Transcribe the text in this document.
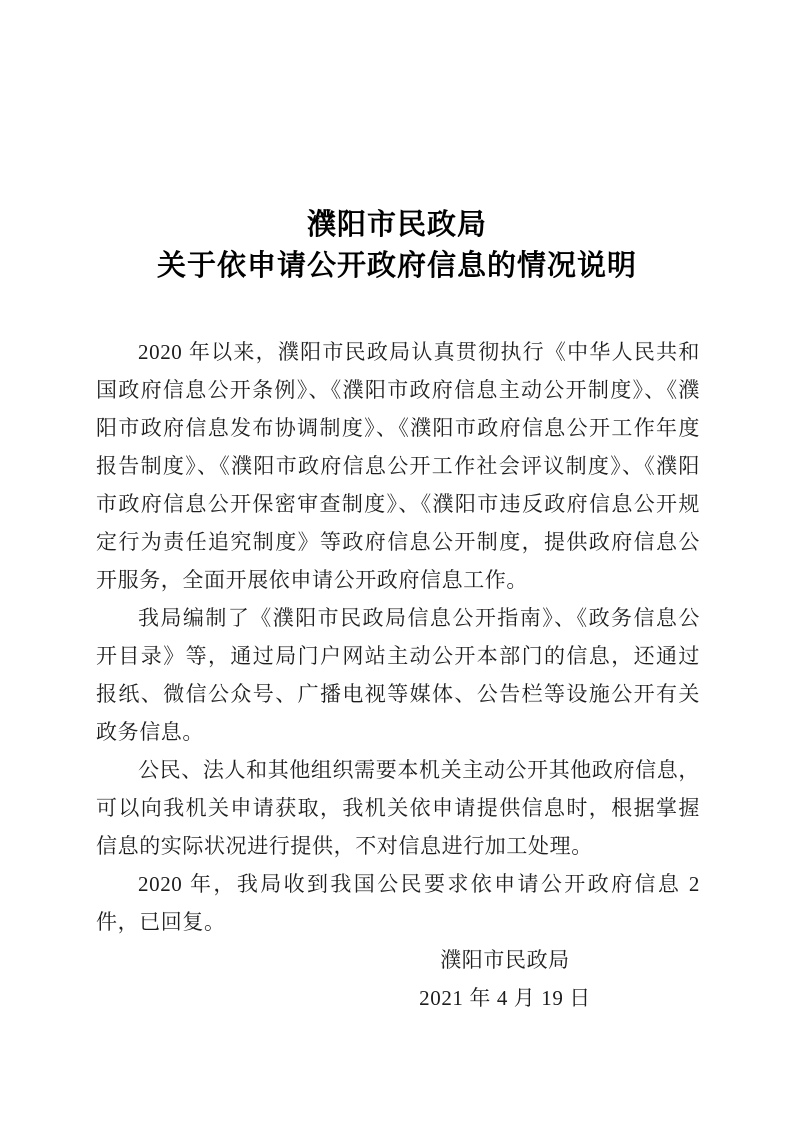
濮阳市民政局
关于依申请公开政府信息的情况说明

2020 年以来，濮阳市民政局认真贯彻执行《中华人民共和国政府信息公开条例》、《濮阳市政府信息主动公开制度》、《濮阳市政府信息发布协调制度》、《濮阳市政府信息公开工作年度报告制度》、《濮阳市政府信息公开工作社会评议制度》、《濮阳市政府信息公开保密审查制度》、《濮阳市违反政府信息公开规定行为责任追究制度》等政府信息公开制度，提供政府信息公开服务，全面开展依申请公开政府信息工作。

我局编制了《濮阳市民政局信息公开指南》、《政务信息公开目录》等，通过局门户网站主动公开本部门的信息，还通过报纸、微信公众号、广播电视等媒体、公告栏等设施公开有关政务信息。

公民、法人和其他组织需要本机关主动公开其他政府信息，可以向我机关申请获取，我机关依申请提供信息时，根据掌握信息的实际状况进行提供，不对信息进行加工处理。

2020 年，我局收到我国公民要求依申请公开政府信息 2 件，已回复。

濮阳市民政局
2021 年 4 月 19 日
